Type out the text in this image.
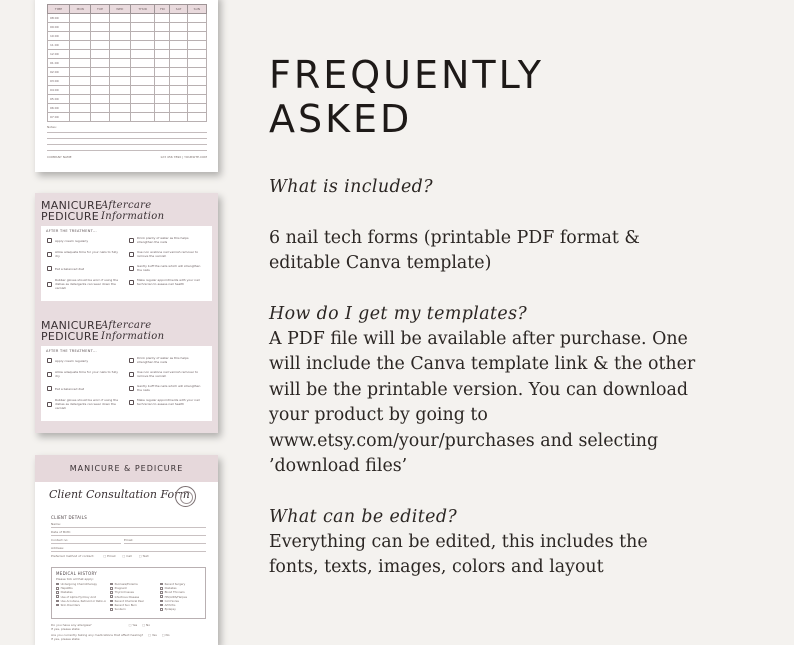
TIME	MON	TUE	WED	THUR	FRI	SAT	SUN
08:00							
09:00							
10:00							
11:00							
12:00							
01:00							
02:00							
03:00							
04:00							
05:00							
06:00							
07:00							
Notes:
COMPANY NAME	123 456 7890 | YOURSITE.COM
MANICURE
PEDICURE
Aftercare Information
AFTER THE TREATMENT...
Apply cream regularly
Allow adequate time for your nails to fully dry
Eat a balanced diet
Rubber gloves should be worn if using the dishes as detergents can wear down the varnish
Drink plenty of water as this helps strengthen the nails
Use non acetone nail varnish remover to remove the varnish
Gently buff the nails which will strengthen the nails
Make regular appointments with your nail technician to assess nail health
MANICURE
PEDICURE
Aftercare Information
AFTER THE TREATMENT...
Apply cream regularly
Allow adequate time for your nails to fully dry
Eat a balanced diet
Rubber gloves should be worn if using the dishes as detergents can wear down the varnish
Drink plenty of water as this helps strengthen the nails
Use non acetone nail varnish remover to remove the varnish
Gently buff the nails which will strengthen the nails
Make regular appointments with your nail technician to assess nail health
MANICURE & PEDICURE
Client Consultation Form
CLIENT DETAILS
Name:
Date of Birth:
Contact no:	Email:
Address:
Preferred method of contact:	□ Email □ Call □ Text
MEDICAL HISTORY
Please tick all that apply:
Undergoing Chemotherapy
Hepatitis
Diabetes
Use of Alpha Hydroxy Acid
Use Accutane, Retinoid or Retin-A
Skin Disorders
Psoriasis/Eczema
Pregnant
Thyroid Issues
Infectious Disease
Recent Chemical Peel
Recent Sun Burn
Sunburn
Recent Surgery
Diabetes
Blood Thinners
HIV/AIDS/Herpes
Cold Sores
Arthritis
Epilepsy
Do you have any allergies?	□ Yes □ No
If yes, please state:
Are you currently taking any medications that affect healing? □ Yes □ No
If yes, please state:
FREQUENTLY
ASKED
What is included?
6 nail tech forms (printable PDF format &
editable Canva template)
How do I get my templates?
A PDF file will be available after purchase. One
will include the Canva template link & the other
will be the printable version. You can download
your product by going to
www.etsy.com/your/purchases and selecting
’download files’
What can be edited?
Everything can be edited, this includes the
fonts, texts, images, colors and layout
